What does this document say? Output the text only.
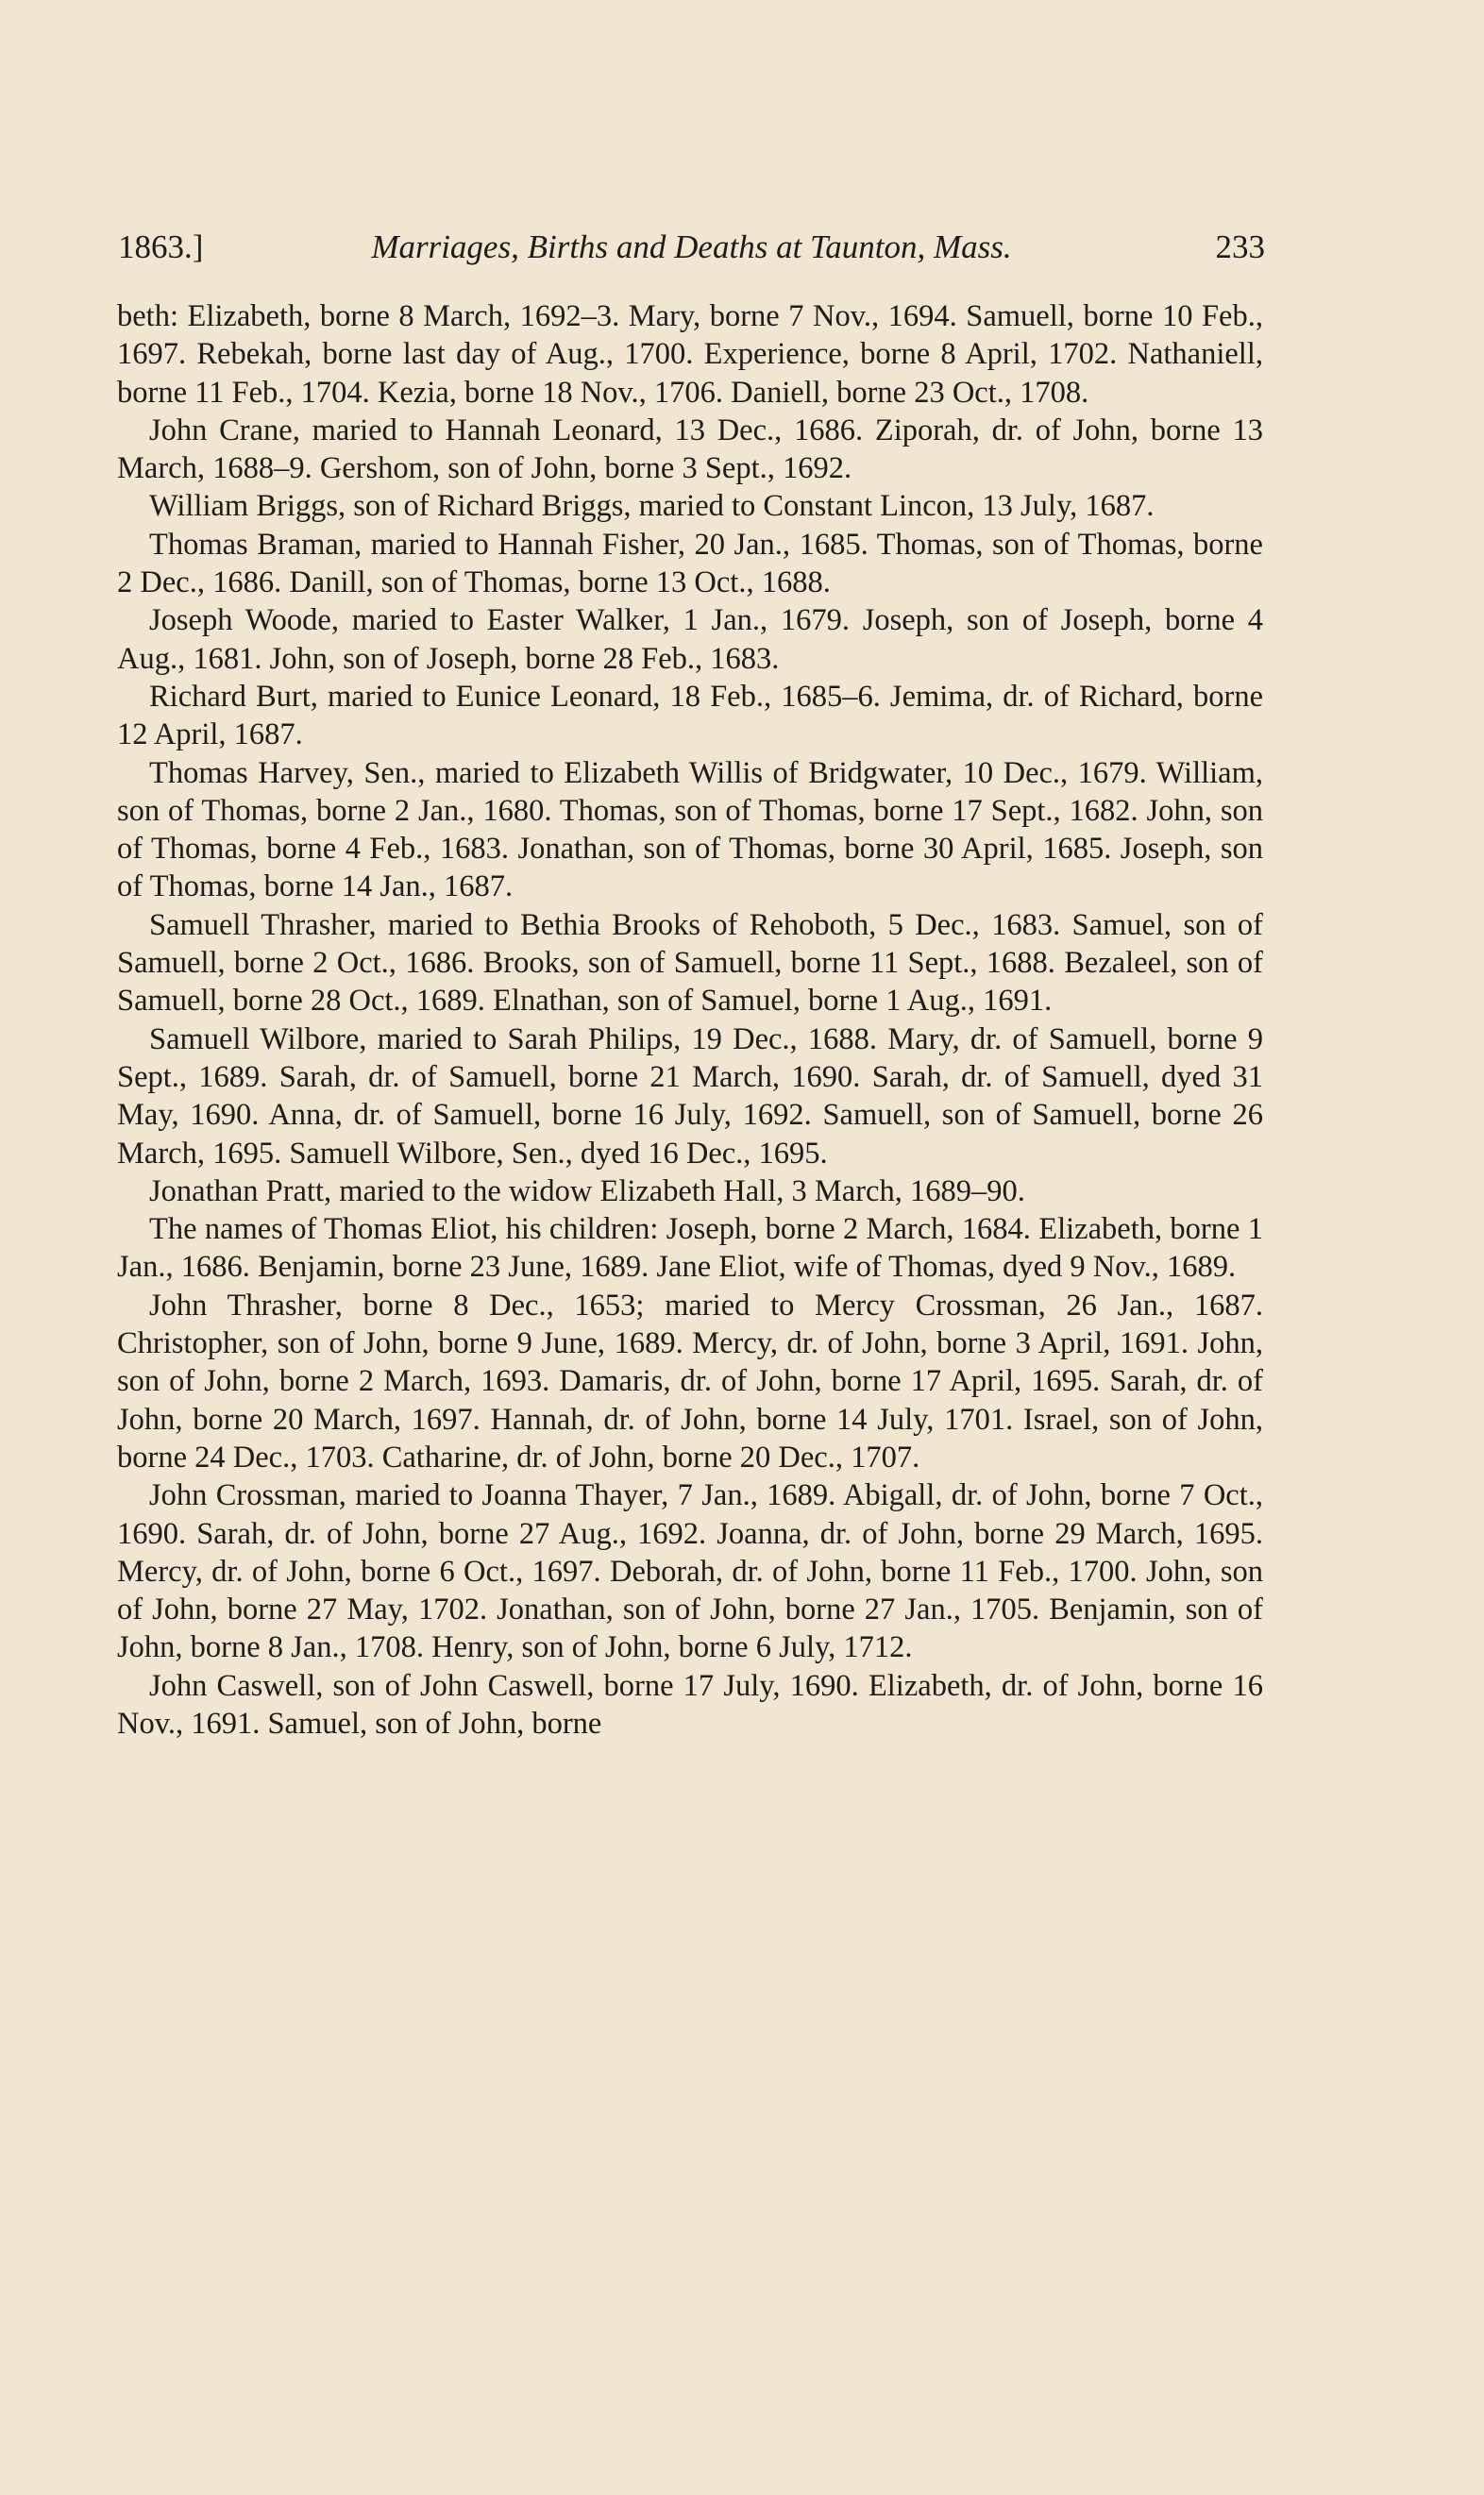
1863.]	Marriages, Births and Deaths at Taunton, Mass.	233

beth: Elizabeth, borne 8 March, 1692–3. Mary, borne 7 Nov., 1694. Samuell, borne 10 Feb., 1697. Rebekah, borne last day of Aug., 1700. Experience, borne 8 April, 1702. Nathaniell, borne 11 Feb., 1704. Kezia, borne 18 Nov., 1706. Daniell, borne 23 Oct., 1708.

John Crane, maried to Hannah Leonard, 13 Dec., 1686. Ziporah, dr. of John, borne 13 March, 1688–9. Gershom, son of John, borne 3 Sept., 1692.

William Briggs, son of Richard Briggs, maried to Constant Lincon, 13 July, 1687.

Thomas Braman, maried to Hannah Fisher, 20 Jan., 1685. Thomas, son of Thomas, borne 2 Dec., 1686. Danill, son of Thomas, borne 13 Oct., 1688.

Joseph Woode, maried to Easter Walker, 1 Jan., 1679. Joseph, son of Joseph, borne 4 Aug., 1681. John, son of Joseph, borne 28 Feb., 1683.

Richard Burt, maried to Eunice Leonard, 18 Feb., 1685–6. Jemima, dr. of Richard, borne 12 April, 1687.

Thomas Harvey, Sen., maried to Elizabeth Willis of Bridgwater, 10 Dec., 1679. William, son of Thomas, borne 2 Jan., 1680. Thomas, son of Thomas, borne 17 Sept., 1682. John, son of Thomas, borne 4 Feb., 1683. Jonathan, son of Thomas, borne 30 April, 1685. Joseph, son of Thomas, borne 14 Jan., 1687.

Samuell Thrasher, maried to Bethia Brooks of Rehoboth, 5 Dec., 1683. Samuel, son of Samuell, borne 2 Oct., 1686. Brooks, son of Samuell, borne 11 Sept., 1688. Bezaleel, son of Samuell, borne 28 Oct., 1689. Elnathan, son of Samuel, borne 1 Aug., 1691.

Samuell Wilbore, maried to Sarah Philips, 19 Dec., 1688. Mary, dr. of Samuell, borne 9 Sept., 1689. Sarah, dr. of Samuell, borne 21 March, 1690. Sarah, dr. of Samuell, dyed 31 May, 1690. Anna, dr. of Samuell, borne 16 July, 1692. Samuell, son of Samuell, borne 26 March, 1695. Samuell Wilbore, Sen., dyed 16 Dec., 1695.

Jonathan Pratt, maried to the widow Elizabeth Hall, 3 March, 1689–90.

The names of Thomas Eliot, his children: Joseph, borne 2 March, 1684. Elizabeth, borne 1 Jan., 1686. Benjamin, borne 23 June, 1689. Jane Eliot, wife of Thomas, dyed 9 Nov., 1689.

John Thrasher, borne 8 Dec., 1653; maried to Mercy Crossman, 26 Jan., 1687. Christopher, son of John, borne 9 June, 1689. Mercy, dr. of John, borne 3 April, 1691. John, son of John, borne 2 March, 1693. Damaris, dr. of John, borne 17 April, 1695. Sarah, dr. of John, borne 20 March, 1697. Hannah, dr. of John, borne 14 July, 1701. Israel, son of John, borne 24 Dec., 1703. Catharine, dr. of John, borne 20 Dec., 1707.

John Crossman, maried to Joanna Thayer, 7 Jan., 1689. Abigall, dr. of John, borne 7 Oct., 1690. Sarah, dr. of John, borne 27 Aug., 1692. Joanna, dr. of John, borne 29 March, 1695. Mercy, dr. of John, borne 6 Oct., 1697. Deborah, dr. of John, borne 11 Feb., 1700. John, son of John, borne 27 May, 1702. Jonathan, son of John, borne 27 Jan., 1705. Benjamin, son of John, borne 8 Jan., 1708. Henry, son of John, borne 6 July, 1712.

John Caswell, son of John Caswell, borne 17 July, 1690. Elizabeth, dr. of John, borne 16 Nov., 1691. Samuel, son of John, borne
